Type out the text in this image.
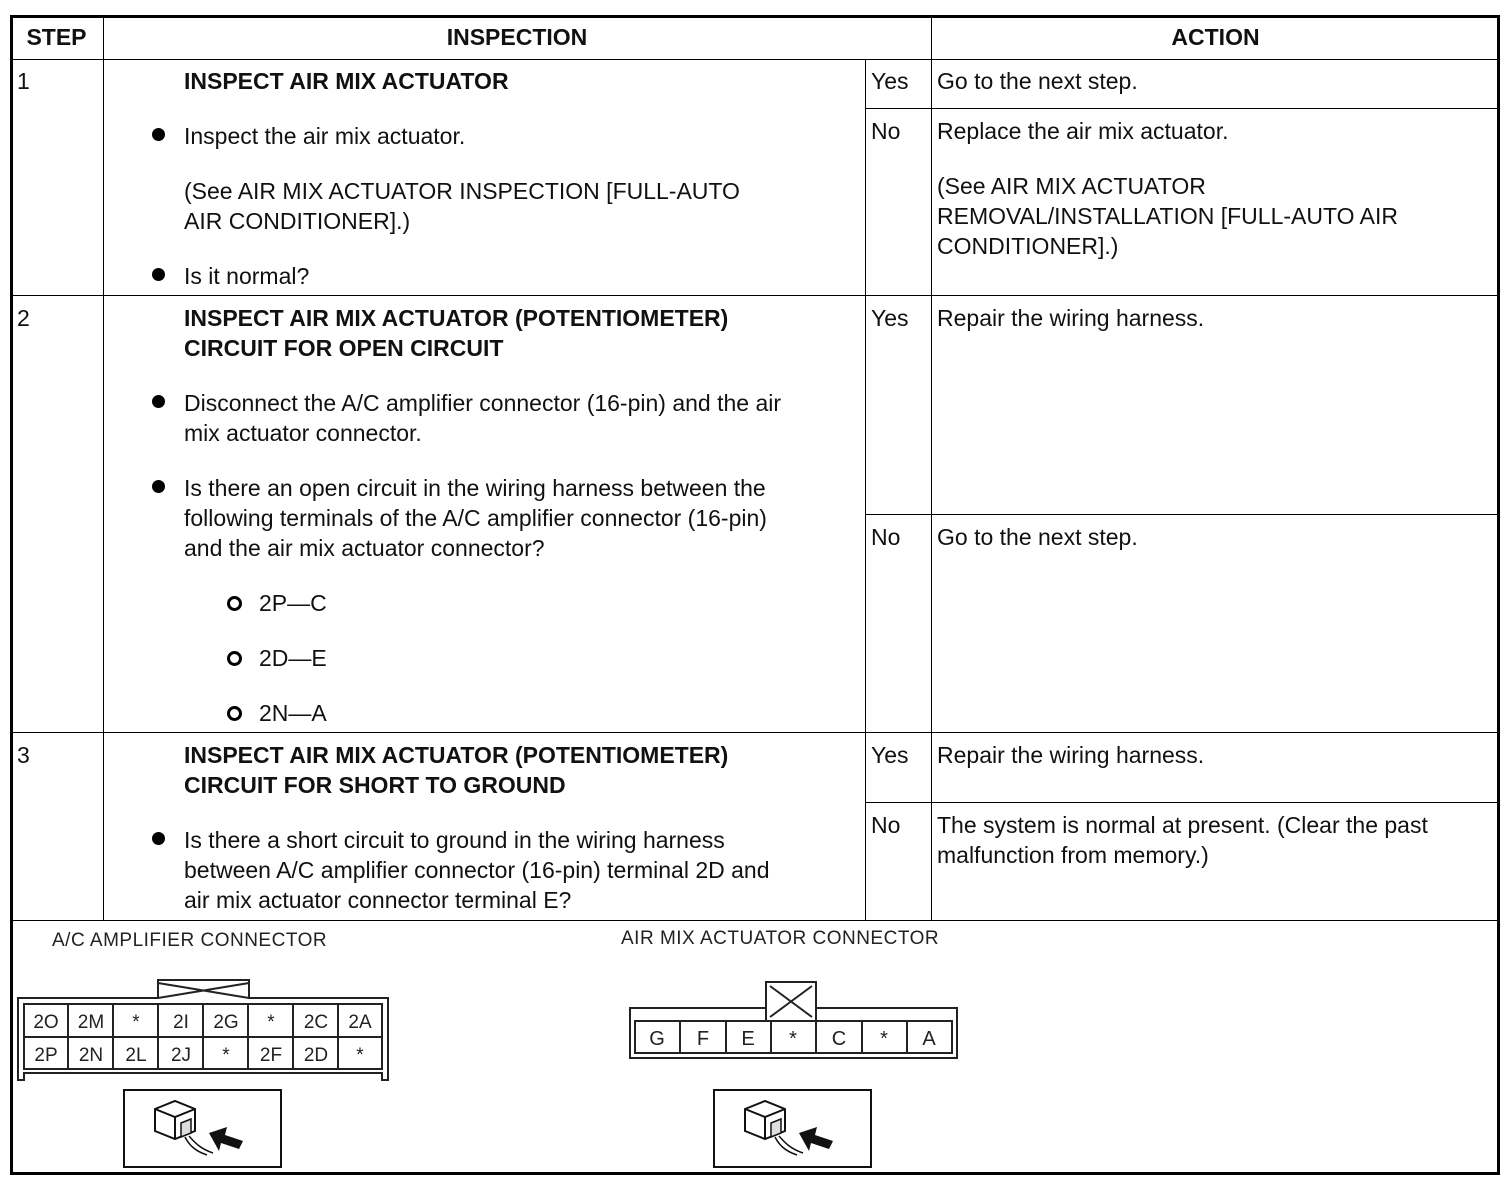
STEP	INSPECTION	ACTION
1	INSPECT AIR MIX ACTUATOR
Inspect the air mix actuator.
(See AIR MIX ACTUATOR INSPECTION [FULL-AUTO
AIR CONDITIONER].)
Is it normal?
Yes Go to the next step.
No Replace the air mix actuator.
(See AIR MIX ACTUATOR
REMOVAL/INSTALLATION [FULL-AUTO AIR
CONDITIONER].)
2	INSPECT AIR MIX ACTUATOR (POTENTIOMETER)
CIRCUIT FOR OPEN CIRCUIT
Disconnect the A/C amplifier connector (16-pin) and the air
mix actuator connector.
Is there an open circuit in the wiring harness between the
following terminals of the A/C amplifier connector (16-pin)
and the air mix actuator connector?
2P—C
2D—E
2N—A
Yes Repair the wiring harness.
No Go to the next step.
3	INSPECT AIR MIX ACTUATOR (POTENTIOMETER)
CIRCUIT FOR SHORT TO GROUND
Is there a short circuit to ground in the wiring harness
between A/C amplifier connector (16-pin) terminal 2D and
air mix actuator connector terminal E?
Yes Repair the wiring harness.
No The system is normal at present. (Clear the past
malfunction from memory.)
A/C AMPLIFIER CONNECTOR	AIR MIX ACTUATOR CONNECTOR
2O 2M * 2I 2G * 2C 2A
2P 2N 2L 2J * 2F 2D *
G F E * C * A
